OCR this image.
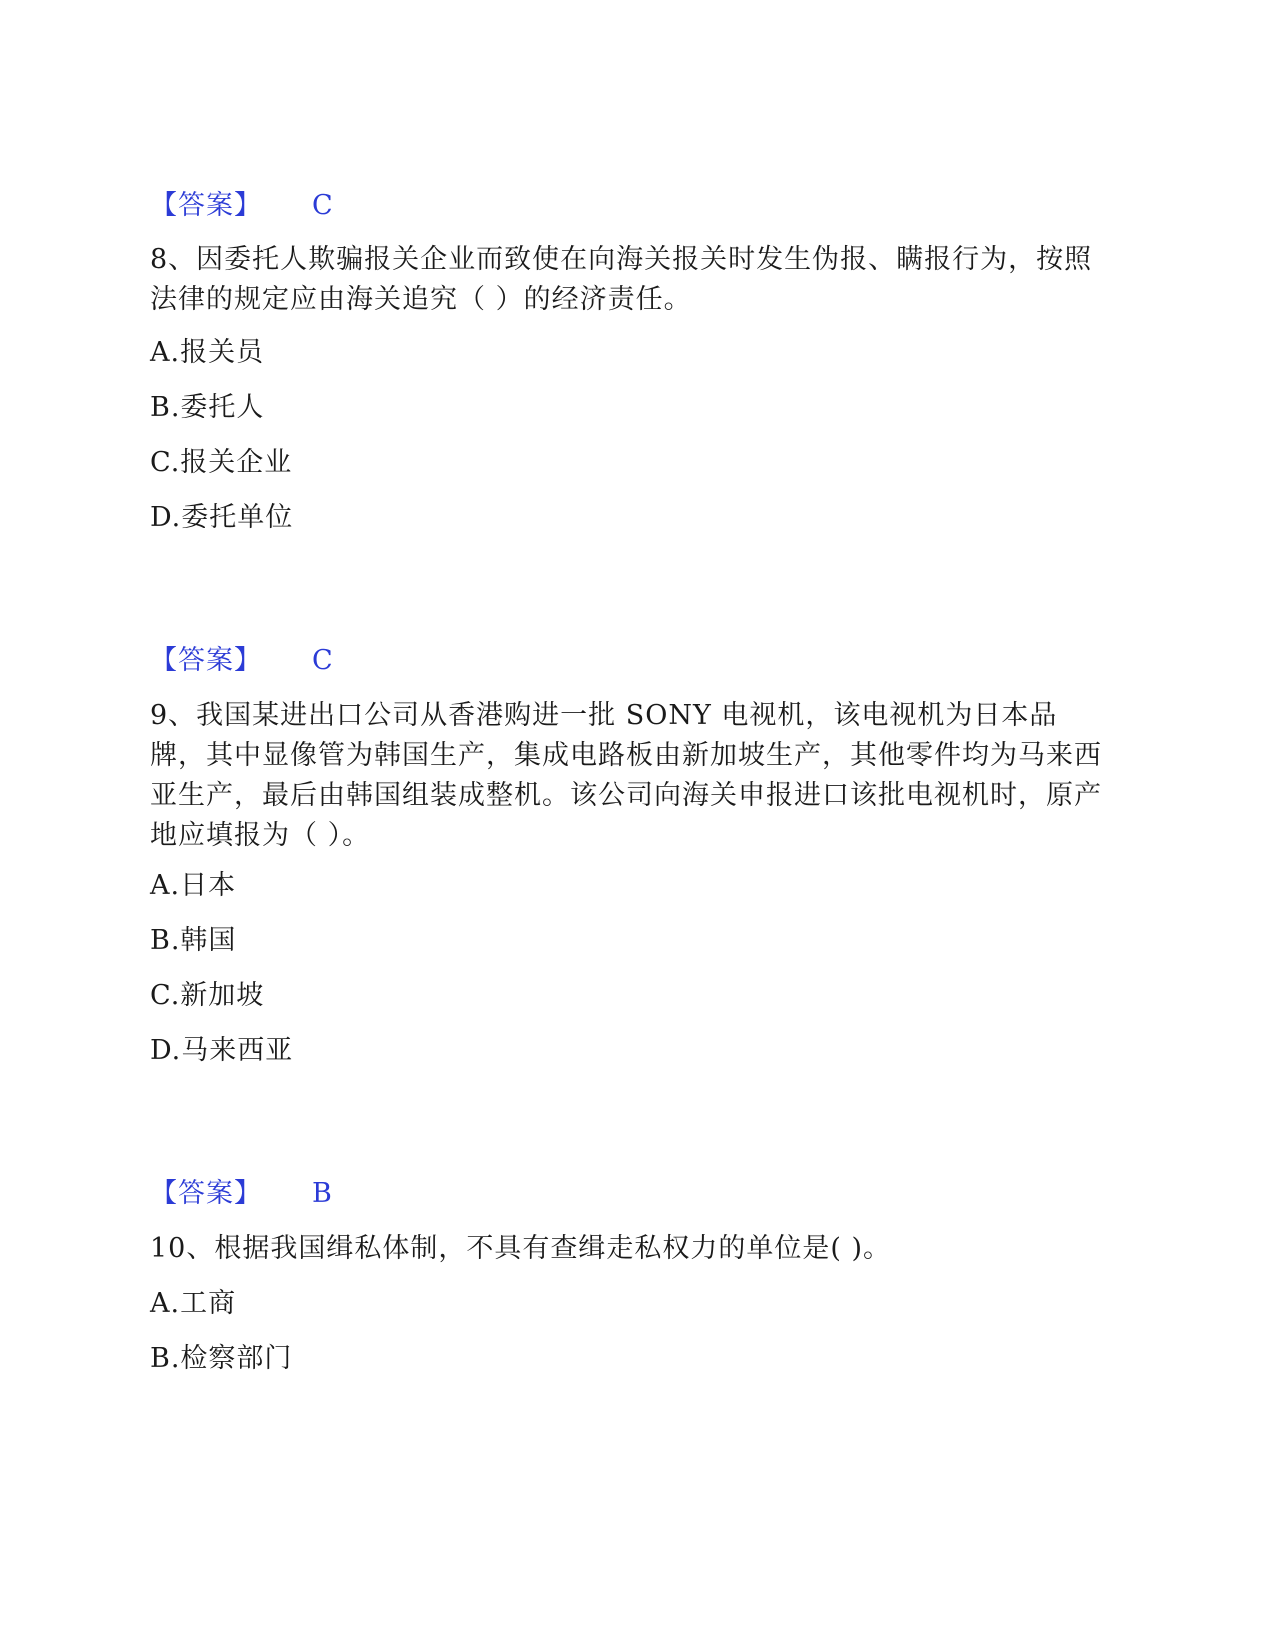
【答案】 C
8、因委托人欺骗报关企业而致使在向海关报关时发生伪报、瞒报行为，按照法律的规定应由海关追究（ ）的经济责任。
A.报关员
B.委托人
C.报关企业
D.委托单位
【答案】 C
9、我国某进出口公司从香港购进一批 SONY 电视机，该电视机为日本品牌，其中显像管为韩国生产，集成电路板由新加坡生产，其他零件均为马来西亚生产，最后由韩国组装成整机。该公司向海关申报进口该批电视机时，原产地应填报为（ ）。
A.日本
B.韩国
C.新加坡
D.马来西亚
【答案】 B
10、根据我国缉私体制，不具有查缉走私权力的单位是( )。
A.工商
B.检察部门
